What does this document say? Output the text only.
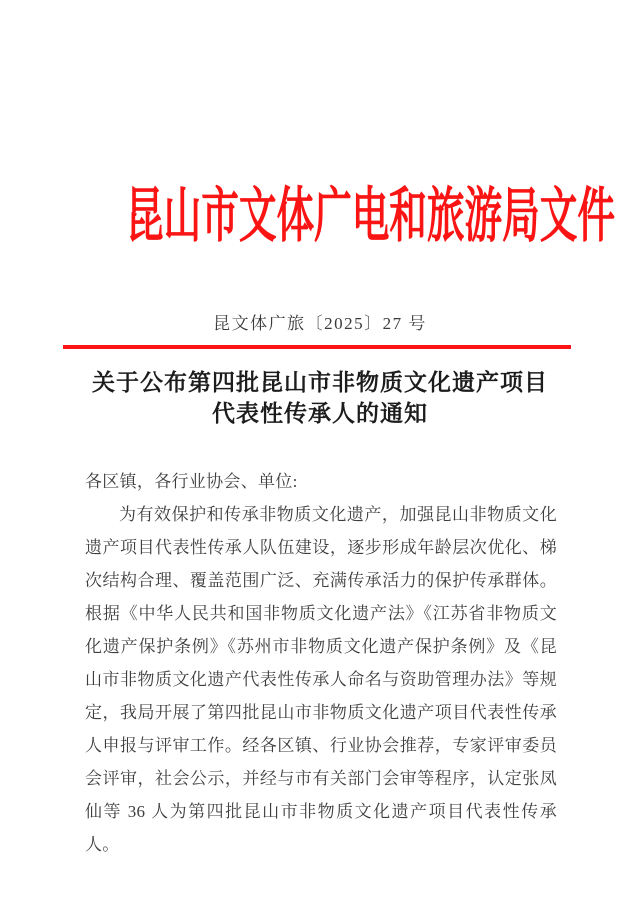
昆山市文体广电和旅游局文件
昆文体广旅〔2025〕27 号
关于公布第四批昆山市非物质文化遗产项目
代表性传承人的通知
各区镇，各行业协会、单位:
为有效保护和传承非物质文化遗产，加强昆山非物质文化遗产项目代表性传承人队伍建设，逐步形成年龄层次优化、梯次结构合理、覆盖范围广泛、充满传承活力的保护传承群体。根据《中华人民共和国非物质文化遗产法》《江苏省非物质文化遗产保护条例》《苏州市非物质文化遗产保护条例》及《昆山市非物质文化遗产代表性传承人命名与资助管理办法》等规定，我局开展了第四批昆山市非物质文化遗产项目代表性传承人申报与评审工作。经各区镇、行业协会推荐，专家评审委员会评审，社会公示，并经与市有关部门会审等程序，认定张凤仙等 36 人为第四批昆山市非物质文化遗产项目代表性传承人。
